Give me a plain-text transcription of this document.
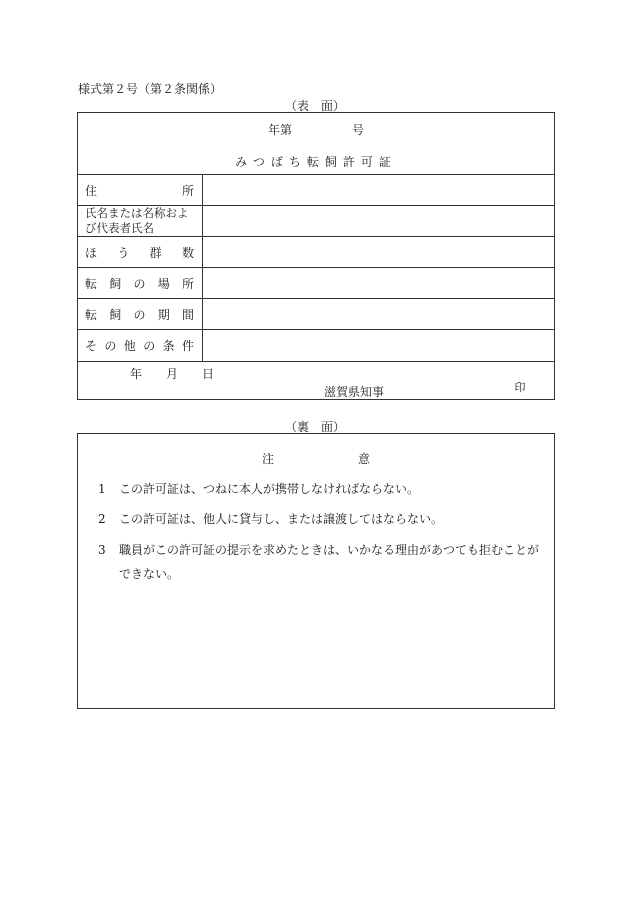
様式第２号（第２条関係）
（表　面）
年第　　　　　号
みつばち転飼許可証
住所
氏名または名称および代表者氏名
ほう群数
転飼の場所
転飼の期間
その他の条件
年　　月　　日
滋賀県知事	印
（裏　面）
注　　　　　　　意
1	この許可証は、つねに本人が携帯しなければならない。
2	この許可証は、他人に貸与し、または譲渡してはならない。
3	職員がこの許可証の提示を求めたときは、いかなる理由があつても拒むことができない。
